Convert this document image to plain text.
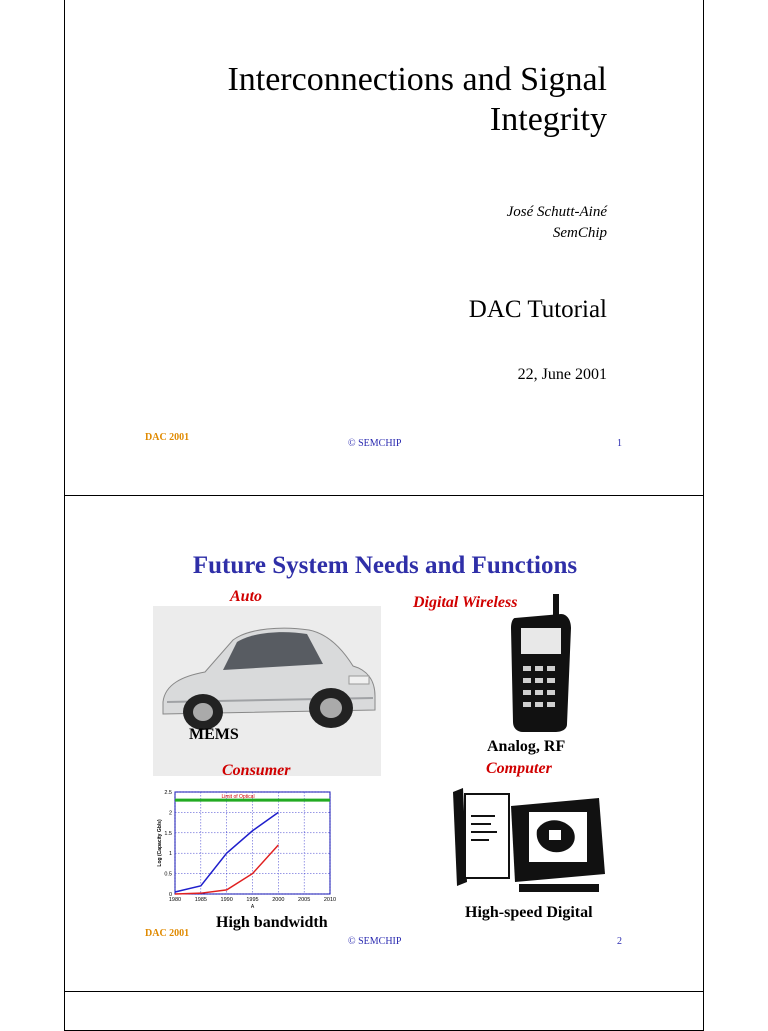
Interconnections and Signal
Integrity
José Schutt-Ainé
SemChip
DAC Tutorial
22, June 2001
DAC 2001
© SEMCHIP	1
Future System Needs and Functions
Auto	Digital Wireless
MEMS
Analog, RF
Consumer	Computer
1980 1985 1990 1995 2000 2005 2010
0
0.5
1
1.5
2
2.5
Limit of Optical
Log (Capacity Gb/s)
A
High bandwidth
High-speed Digital
DAC 2001
© SEMCHIP	2
